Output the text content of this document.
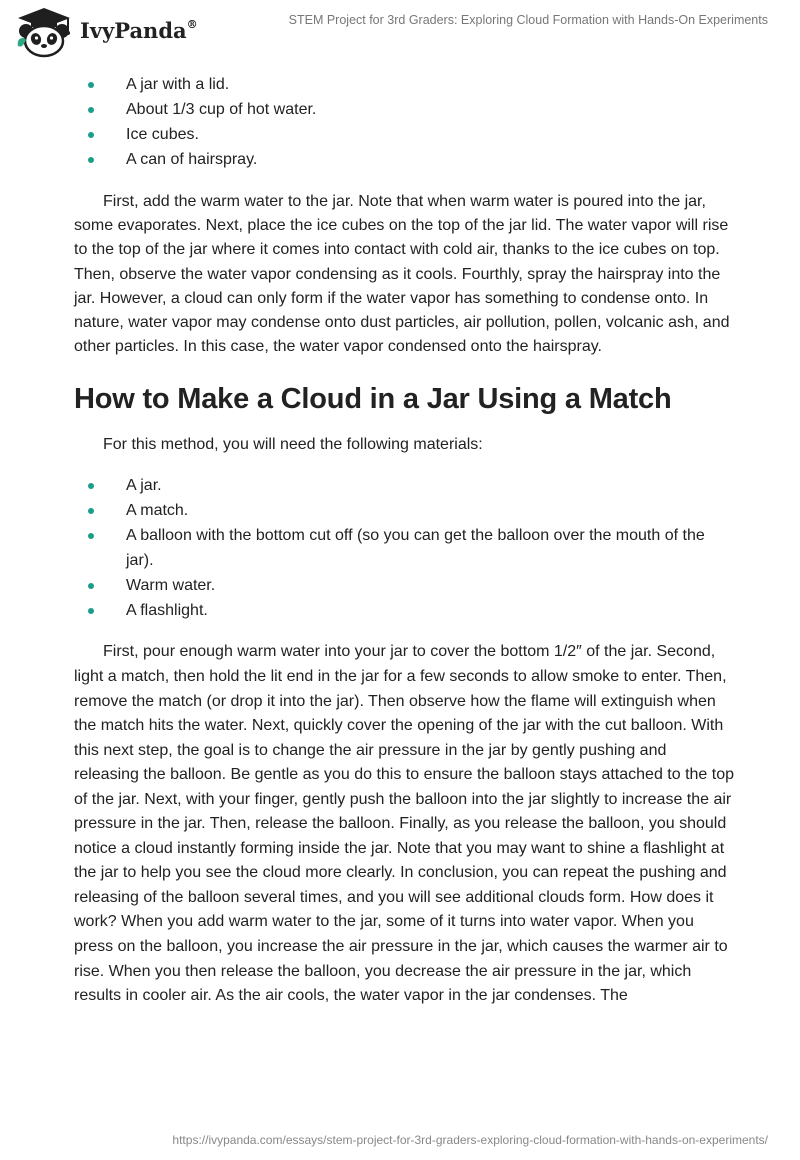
IvyPanda®	STEM Project for 3rd Graders: Exploring Cloud Formation with Hands-On Experiments
A jar with a lid.
About 1/3 cup of hot water.
Ice cubes.
A can of hairspray.

First, add the warm water to the jar. Note that when warm water is poured into the jar, some evaporates. Next, place the ice cubes on the top of the jar lid. The water vapor will rise to the top of the jar where it comes into contact with cold air, thanks to the ice cubes on top. Then, observe the water vapor condensing as it cools. Fourthly, spray the hairspray into the jar. However, a cloud can only form if the water vapor has something to condense onto. In nature, water vapor may condense onto dust particles, air pollution, pollen, volcanic ash, and other particles. In this case, the water vapor condensed onto the hairspray.

How to Make a Cloud in a Jar Using a Match

For this method, you will need the following materials:

A jar.
A match.
A balloon with the bottom cut off (so you can get the balloon over the mouth of the jar).
Warm water.
A flashlight.

First, pour enough warm water into your jar to cover the bottom 1/2″ of the jar. Second, light a match, then hold the lit end in the jar for a few seconds to allow smoke to enter. Then, remove the match (or drop it into the jar). Then observe how the flame will extinguish when the match hits the water. Next, quickly cover the opening of the jar with the cut balloon. With this next step, the goal is to change the air pressure in the jar by gently pushing and releasing the balloon. Be gentle as you do this to ensure the balloon stays attached to the top of the jar. Next, with your finger, gently push the balloon into the jar slightly to increase the air pressure in the jar. Then, release the balloon. Finally, as you release the balloon, you should notice a cloud instantly forming inside the jar. Note that you may want to shine a flashlight at the jar to help you see the cloud more clearly. In conclusion, you can repeat the pushing and releasing of the balloon several times, and you will see additional clouds form. How does it work? When you add warm water to the jar, some of it turns into water vapor. When you press on the balloon, you increase the air pressure in the jar, which causes the warmer air to rise. When you then release the balloon, you decrease the air pressure in the jar, which results in cooler air. As the air cools, the water vapor in the jar condenses. The

https://ivypanda.com/essays/stem-project-for-3rd-graders-exploring-cloud-formation-with-hands-on-experiments/
